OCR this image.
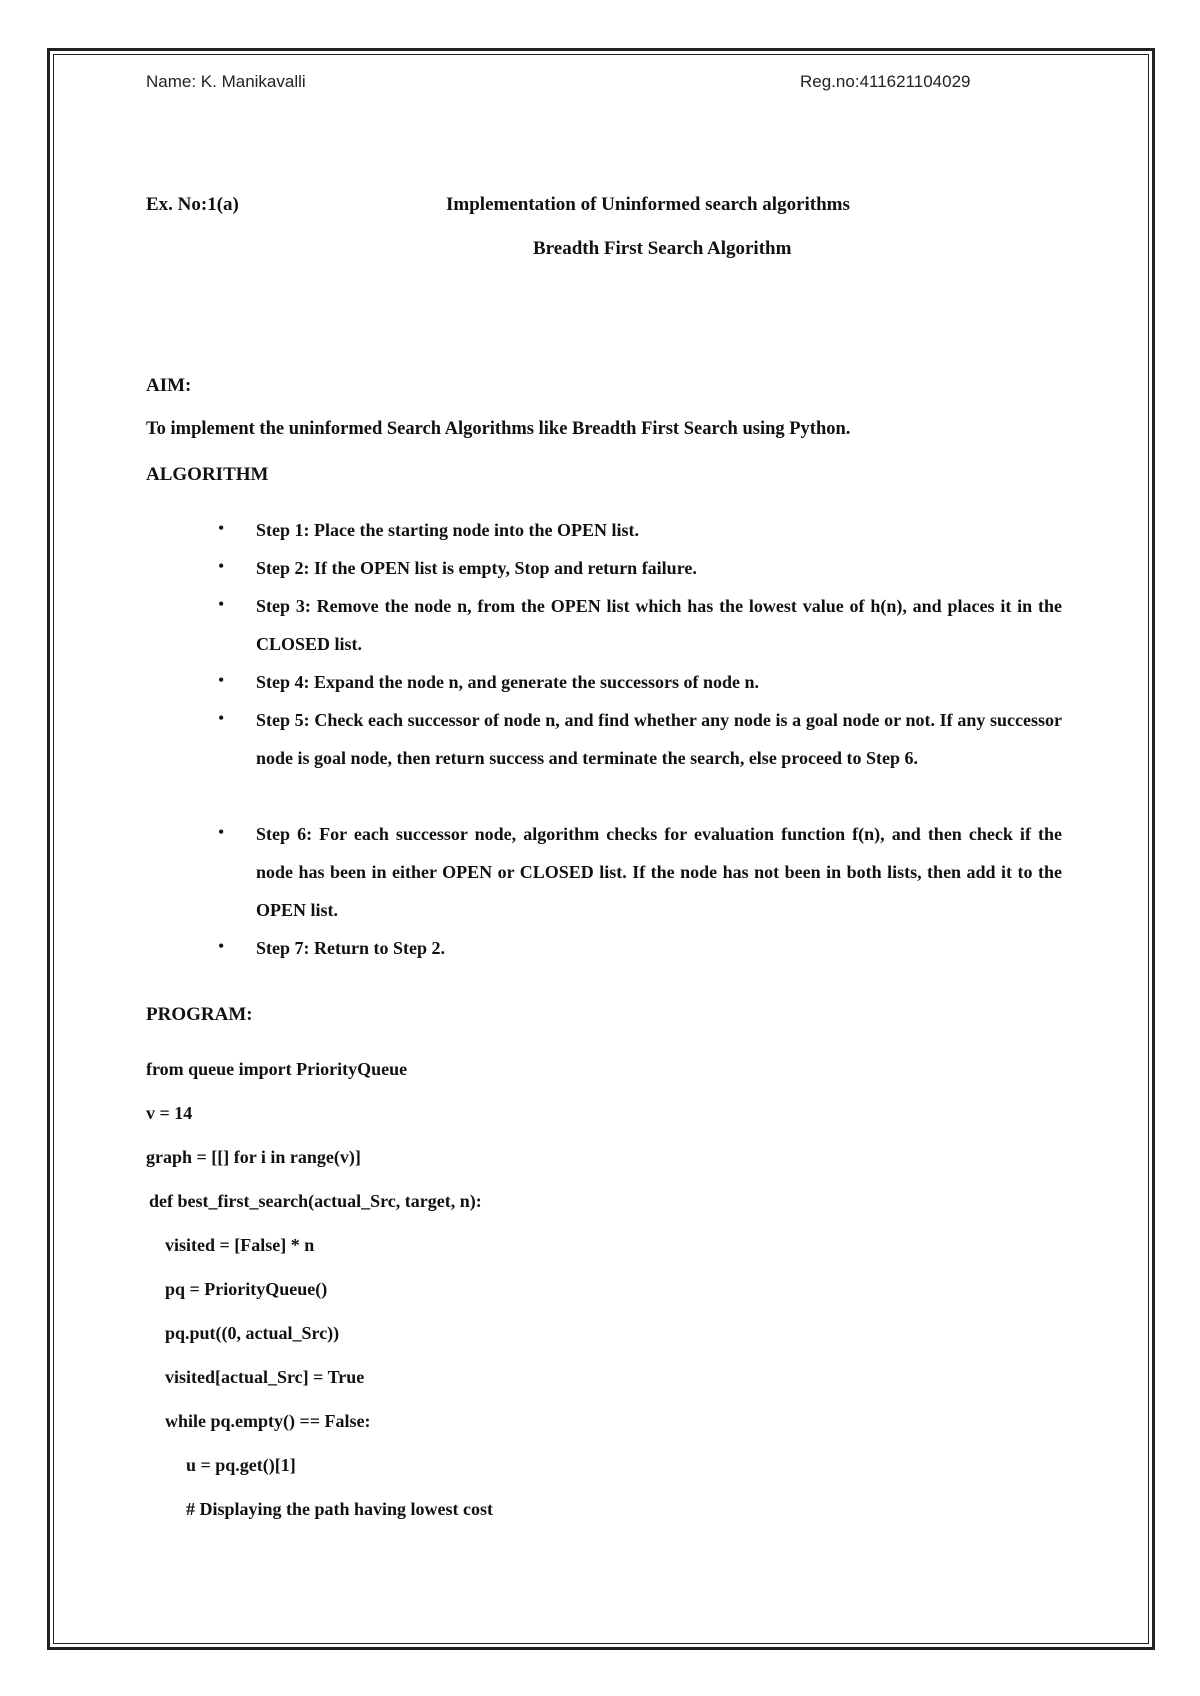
Name: K. Manikavalli	Reg.no:411621104029
Ex. No:1(a)	Implementation of Uninformed search algorithms
Breadth First Search Algorithm
AIM:
To implement the uninformed Search Algorithms like Breadth First Search using Python.
ALGORITHM
• Step 1: Place the starting node into the OPEN list.
• Step 2: If the OPEN list is empty, Stop and return failure.
• Step 3: Remove the node n, from the OPEN list which has the lowest value of h(n), and places it in the CLOSED list.
• Step 4: Expand the node n, and generate the successors of node n.
• Step 5: Check each successor of node n, and find whether any node is a goal node or not. If any successor node is goal node, then return success and terminate the search, else proceed to Step 6.
• Step 6: For each successor node, algorithm checks for evaluation function f(n), and then check if the node has been in either OPEN or CLOSED list. If the node has not been in both lists, then add it to the OPEN list.
• Step 7: Return to Step 2.
PROGRAM:
from queue import PriorityQueue
v = 14
graph = [[] for i in range(v)]
def best_first_search(actual_Src, target, n):
visited = [False] * n
pq = PriorityQueue()
pq.put((0, actual_Src))
visited[actual_Src] = True
while pq.empty() == False:
u = pq.get()[1]
# Displaying the path having lowest cost
